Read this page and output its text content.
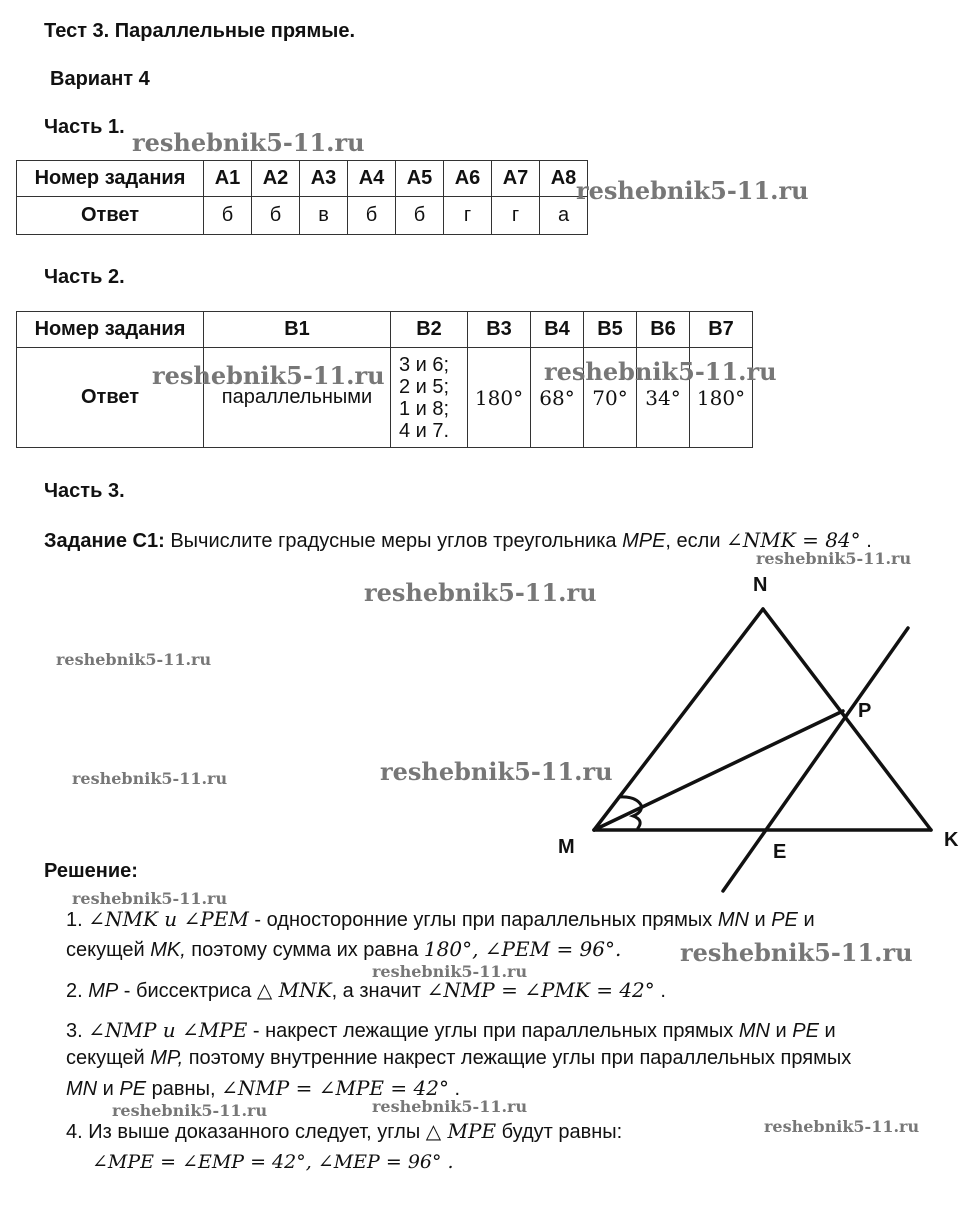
Тест 3. Параллельные прямые.
Вариант 4
Часть 1.
Номер задания	А1	А2	А3	А4	А5	А6	А7	А8
Ответ	б	б	в	б	б	г	г	а
Часть 2.
Номер задания	В1	В2	В3	В4	В5	В6	В7
Ответ	параллельными	3 и 6;
2 и 5;
1 и 8;
4 и 7.	180°	68°	70°	34°	180°
Часть 3.
Задание С1: Вычислите градусные меры углов треугольника MPE, если ∠NMK = 84° .
N
P
M	E
K
Решение:
1. ∠NMK и ∠PEM - односторонние углы при параллельных прямых MN и PE и
секущей MK, поэтому сумма их равна 180°, ∠PEM = 96°.
2. MP - биссектриса △ MNK, а значит ∠NMP = ∠PMK = 42° .
3. ∠NMP и ∠MPE - накрест лежащие углы при параллельных прямых MN и PE и
секущей MP, поэтому внутренние накрест лежащие углы при параллельных прямых
MN и PE равны, ∠NMP = ∠MPE = 42° .
4. Из выше доказанного следует, углы △ MPE будут равны:
∠MPE = ∠EMP = 42°, ∠MEP = 96° .
reshebnik5-11.ru
reshebnik5-11.ru
reshebnik5-11.ru	reshebnik5-11.ru
reshebnik5-11.ru
reshebnik5-11.ru
reshebnik5-11.ru
reshebnik5-11.ru
reshebnik5-11.ru
reshebnik5-11.ru
reshebnik5-11.ru
reshebnik5-11.ru
reshebnik5-11.ru	reshebnik5-11.ru
reshebnik5-11.ru
